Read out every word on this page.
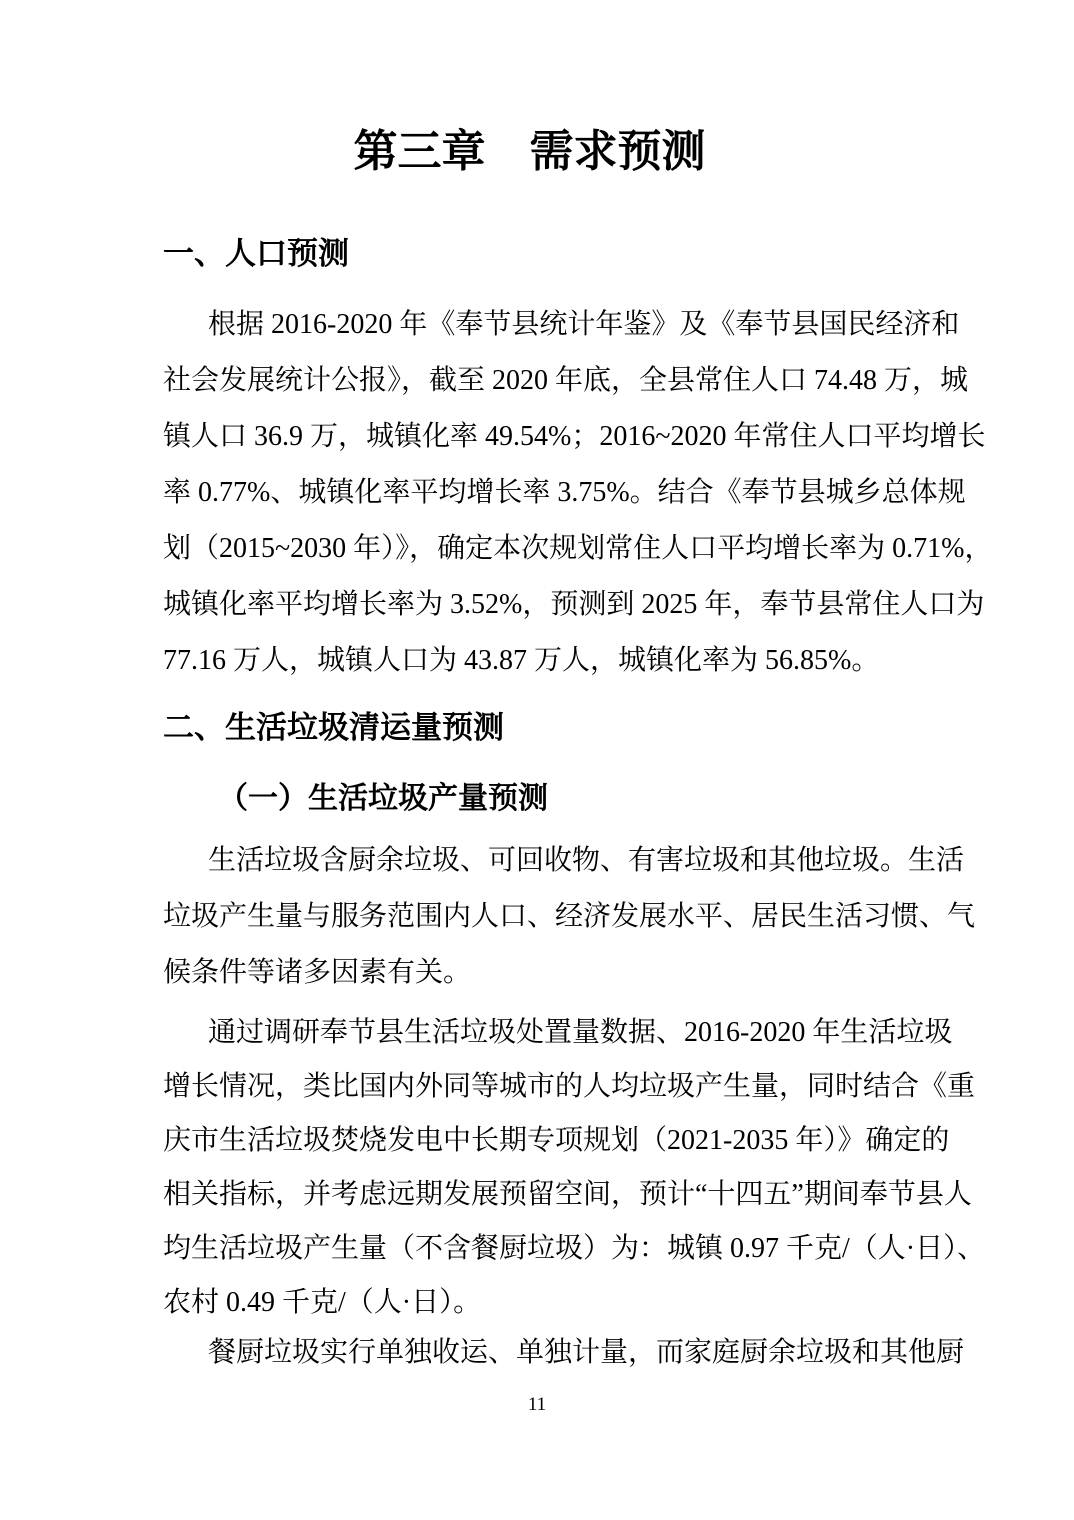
第三章　需求预测
一、人口预测
根据 2016-2020 年《奉节县统计年鉴》及《奉节县国民经济和
社会发展统计公报》，截至 2020 年底，全县常住人口 74.48 万，城
镇人口 36.9 万，城镇化率 49.54%；2016~2020 年常住人口平均增长
率 0.77%、城镇化率平均增长率 3.75%。结合《奉节县城乡总体规
划（2015~2030 年）》，确定本次规划常住人口平均增长率为 0.71%，
城镇化率平均增长率为 3.52%，预测到 2025 年，奉节县常住人口为
77.16 万人，城镇人口为 43.87 万人，城镇化率为 56.85%。
二、生活垃圾清运量预测
（一）生活垃圾产量预测
生活垃圾含厨余垃圾、可回收物、有害垃圾和其他垃圾。生活
垃圾产生量与服务范围内人口、经济发展水平、居民生活习惯、气
候条件等诸多因素有关。
通过调研奉节县生活垃圾处置量数据、2016-2020 年生活垃圾
增长情况，类比国内外同等城市的人均垃圾产生量，同时结合《重
庆市生活垃圾焚烧发电中长期专项规划（2021-2035 年）》确定的
相关指标，并考虑远期发展预留空间，预计“十四五”期间奉节县人
均生活垃圾产生量（不含餐厨垃圾）为：城镇 0.97 千克/（人·日）、
农村 0.49 千克/（人·日）。
餐厨垃圾实行单独收运、单独计量，而家庭厨余垃圾和其他厨
11
